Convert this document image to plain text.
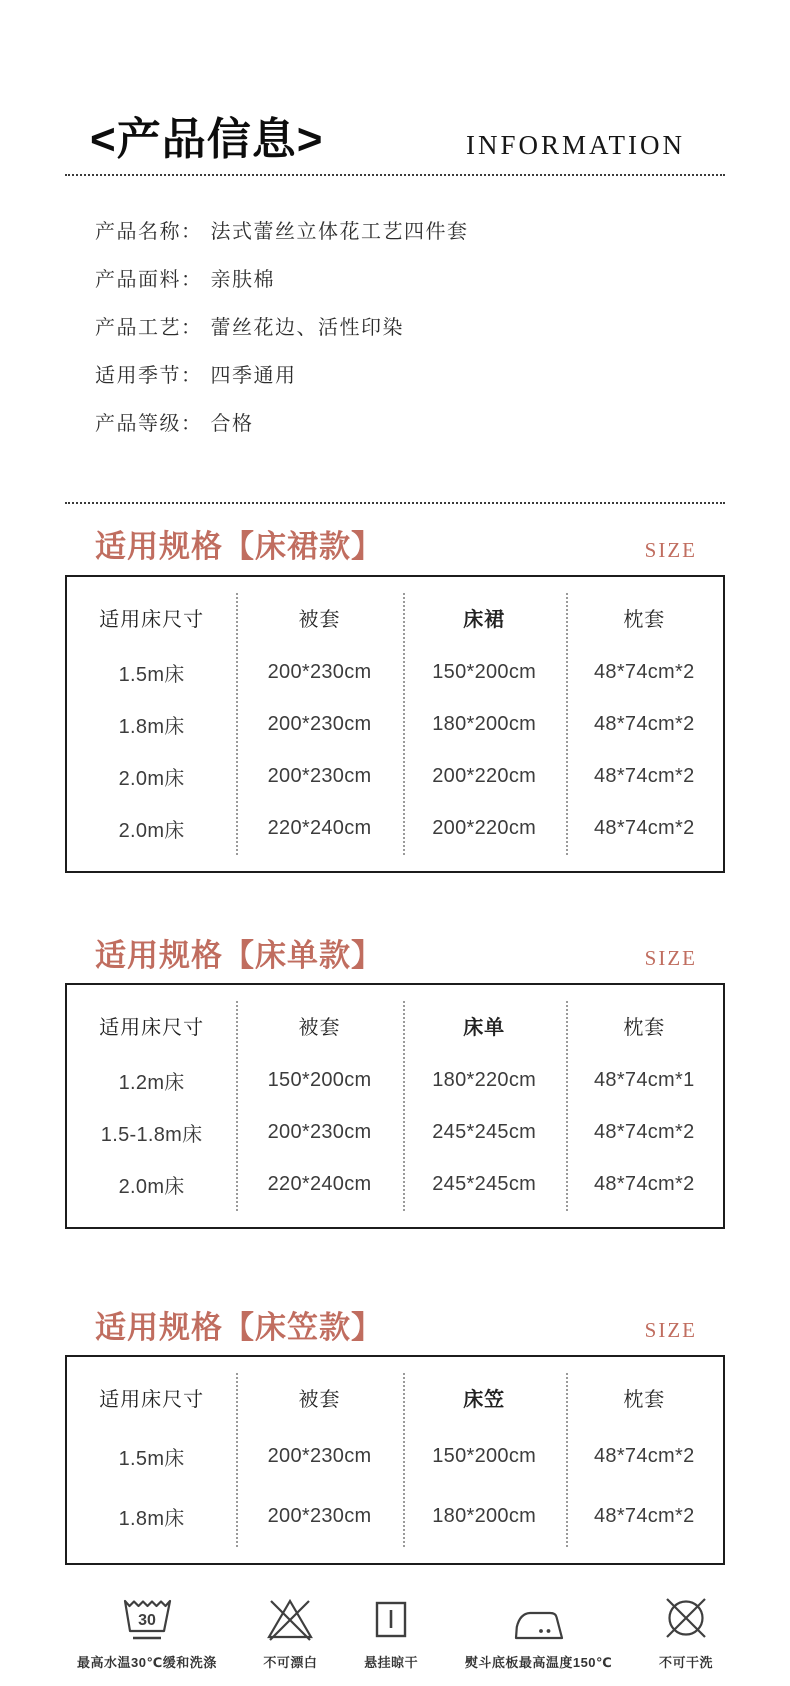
<产品信息>	INFORMATION
产品名称： 法式蕾丝立体花工艺四件套
产品面料： 亲肤棉
产品工艺： 蕾丝花边、活性印染
适用季节： 四季通用
产品等级： 合格
适用规格【床裙款】	SIZE
适用床尺寸	被套	床裙	枕套
1.5m床	200*230cm	150*200cm	48*74cm*2
1.8m床	200*230cm	180*200cm	48*74cm*2
2.0m床	200*230cm	200*220cm	48*74cm*2
2.0m床	220*240cm	200*220cm	48*74cm*2
适用规格【床单款】	SIZE
适用床尺寸	被套	床单	枕套
1.2m床	150*200cm	180*220cm	48*74cm*1
1.5-1.8m床	200*230cm	245*245cm	48*74cm*2
2.0m床	220*240cm	245*245cm	48*74cm*2
适用规格【床笠款】	SIZE
适用床尺寸	被套	床笠	枕套
1.5m床	200*230cm	150*200cm	48*74cm*2
1.8m床	200*230cm	180*200cm	48*74cm*2
30
最高水温30℃缓和洗涤	不可漂白	悬挂晾干	熨斗底板最高温度150℃	不可干洗
